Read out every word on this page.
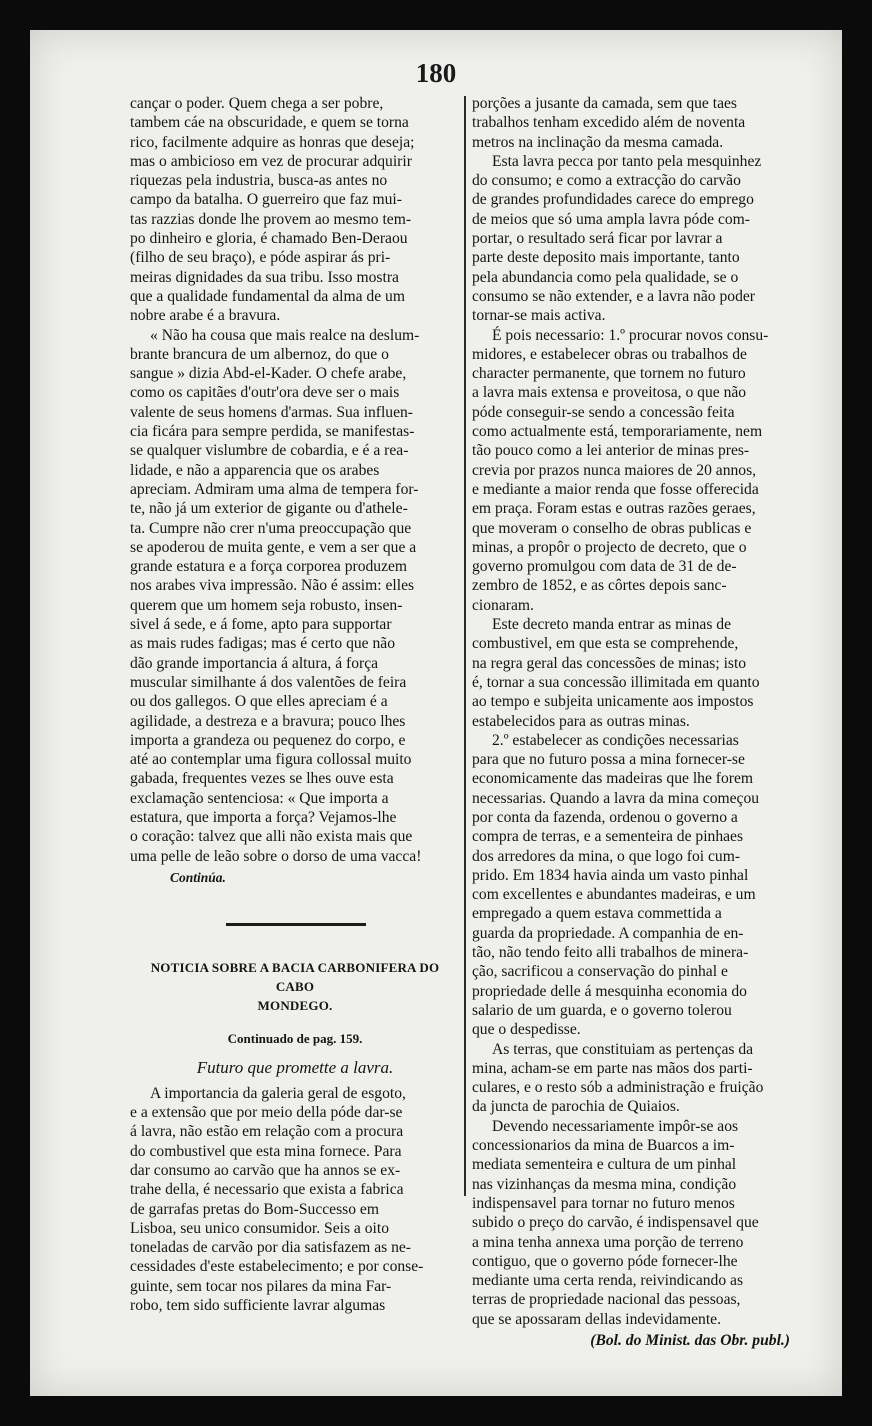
180
cançar o poder. Quem chega a ser pobre,
tambem cáe na obscuridade, e quem se torna
rico, facilmente adquire as honras que deseja;
mas o ambicioso em vez de procurar adquirir
riquezas pela industria, busca-as antes no
campo da batalha. O guerreiro que faz mui-
tas razzias donde lhe provem ao mesmo tem-
po dinheiro e gloria, é chamado Ben-Deraou
(filho de seu braço), e póde aspirar ás pri-
meiras dignidades da sua tribu. Isso mostra
que a qualidade fundamental da alma de um
nobre arabe é a bravura.
« Não ha cousa que mais realce na deslum-
brante brancura de um albernoz, do que o
sangue » dizia Abd-el-Kader. O chefe arabe,
como os capitães d'outr'ora deve ser o mais
valente de seus homens d'armas. Sua influen-
cia ficára para sempre perdida, se manifestas-
se qualquer vislumbre de cobardia, e é a rea-
lidade, e não a apparencia que os arabes
apreciam. Admiram uma alma de tempera for-
te, não já um exterior de gigante ou d'athele-
ta. Cumpre não crer n'uma preoccupação que
se apoderou de muita gente, e vem a ser que a
grande estatura e a força corporea produzem
nos arabes viva impressão. Não é assim: elles
querem que um homem seja robusto, insen-
sivel á sede, e á fome, apto para supportar
as mais rudes fadigas; mas é certo que não
dão grande importancia á altura, á força
muscular similhante á dos valentões de feira
ou dos gallegos. O que elles apreciam é a
agilidade, a destreza e a bravura; pouco lhes
importa a grandeza ou pequenez do corpo, e
até ao contemplar uma figura collossal muito
gabada, frequentes vezes se lhes ouve esta
exclamação sentenciosa: « Que importa a
estatura, que importa a força? Vejamos-lhe
o coração: talvez que alli não exista mais que
uma pelle de leão sobre o dorso de uma vacca!
Continúa.
NOTICIA SOBRE A BACIA CARBONIFERA DO CABO
MONDEGO.
Continuado de pag. 159.
Futuro que promette a lavra.
A importancia da galeria geral de esgoto,
e a extensão que por meio della póde dar-se
á lavra, não estão em relação com a procura
do combustivel que esta mina fornece. Para
dar consumo ao carvão que ha annos se ex-
trahe della, é necessario que exista a fabrica
de garrafas pretas do Bom-Successo em
Lisboa, seu unico consumidor. Seis a oito
toneladas de carvão por dia satisfazem as ne-
cessidades d'este estabelecimento; e por conse-
guinte, sem tocar nos pilares da mina Far-
robo, tem sido sufficiente lavrar algumas
porções a jusante da camada, sem que taes
trabalhos tenham excedido além de noventa
metros na inclinação da mesma camada.
Esta lavra pecca por tanto pela mesquinhez
do consumo; e como a extracção do carvão
de grandes profundidades carece do emprego
de meios que só uma ampla lavra póde com-
portar, o resultado será ficar por lavrar a
parte deste deposito mais importante, tanto
pela abundancia como pela qualidade, se o
consumo se não extender, e a lavra não poder
tornar-se mais activa.
É pois necessario: 1.º procurar novos consu-
midores, e estabelecer obras ou trabalhos de
character permanente, que tornem no futuro
a lavra mais extensa e proveitosa, o que não
póde conseguir-se sendo a concessão feita
como actualmente está, temporariamente, nem
tão pouco como a lei anterior de minas pres-
crevia por prazos nunca maiores de 20 annos,
e mediante a maior renda que fosse offerecida
em praça. Foram estas e outras razões geraes,
que moveram o conselho de obras publicas e
minas, a propôr o projecto de decreto, que o
governo promulgou com data de 31 de de-
zembro de 1852, e as côrtes depois sanc-
cionaram.
Este decreto manda entrar as minas de
combustivel, em que esta se comprehende,
na regra geral das concessões de minas; isto
é, tornar a sua concessão illimitada em quanto
ao tempo e subjeita unicamente aos impostos
estabelecidos para as outras minas.
2.º estabelecer as condições necessarias
para que no futuro possa a mina fornecer-se
economicamente das madeiras que lhe forem
necessarias. Quando a lavra da mina começou
por conta da fazenda, ordenou o governo a
compra de terras, e a sementeira de pinhaes
dos arredores da mina, o que logo foi cum-
prido. Em 1834 havia ainda um vasto pinhal
com excellentes e abundantes madeiras, e um
empregado a quem estava commettida a
guarda da propriedade. A companhia de en-
tão, não tendo feito alli trabalhos de minera-
ção, sacrificou a conservação do pinhal e
propriedade delle á mesquinha economia do
salario de um guarda, e o governo tolerou
que o despedisse.
As terras, que constituiam as pertenças da
mina, acham-se em parte nas mãos dos parti-
culares, e o resto sób a administração e fruição
da juncta de parochia de Quiaios.
Devendo necessariamente impôr-se aos
concessionarios da mina de Buarcos a im-
mediata sementeira e cultura de um pinhal
nas vizinhanças da mesma mina, condição
indispensavel para tornar no futuro menos
subido o preço do carvão, é indispensavel que
a mina tenha annexa uma porção de terreno
contiguo, que o governo póde fornecer-lhe
mediante uma certa renda, reivindicando as
terras de propriedade nacional das pessoas,
que se apossaram dellas indevidamente.
(Bol. do Minist. das Obr. publ.)
